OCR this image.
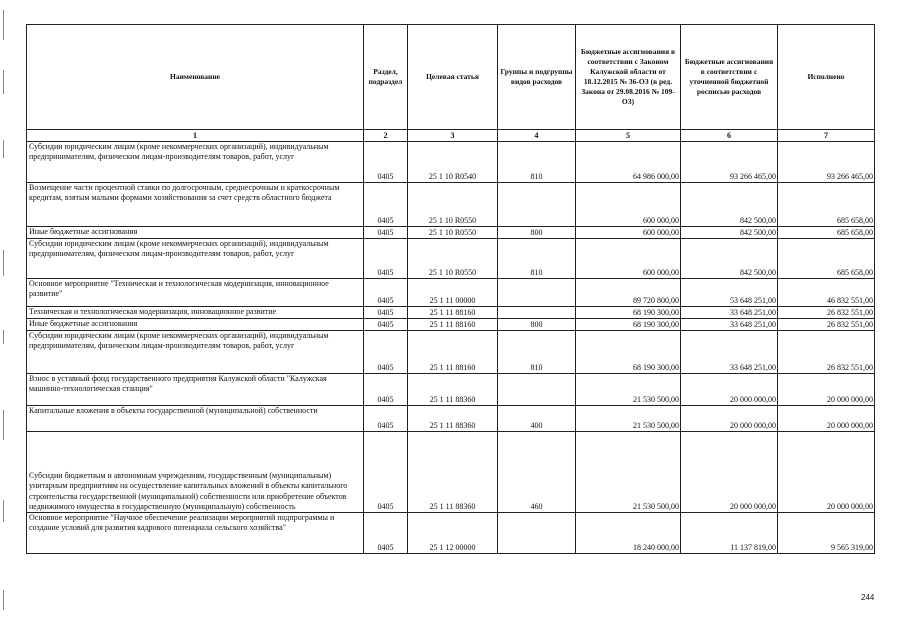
Наименование	Раздел, подраздел	Целевая статья	Группы и подгруппы видов расходов	Бюджетные ассигнования в соответствии с Законом Калужской области от 18.12.2015 № 36-ОЗ (в ред. Закона от 29.08.2016 № 109-ОЗ)	Бюджетные ассигнования в соответствии с уточненной бюджетной росписью расходов	Исполнено
1	2	3	4	5	6	7
Субсидии юридическим лицам (кроме некоммерческих организаций), индивидуальным предпринимателям, физическим лицам-производителям товаров, работ, услуг	0405	25 1 10 R0540	810	64 986 000,00	93 266 465,00	93 266 465,00
Возмещение части процентной ставки по долгосрочным, среднесрочным и краткосрочным кредитам, взятым малыми формами хозяйствования за счет средств областного бюджета	0405	25 1 10 R0550		600 000,00	842 500,00	685 658,00
Иные бюджетные ассигнования	0405	25 1 10 R0550	800	600 000,00	842 500,00	685 658,00
Субсидии юридическим лицам (кроме некоммерческих организаций), индивидуальным предпринимателям, физическим лицам-производителям товаров, работ, услуг	0405	25 1 10 R0550	810	600 000,00	842 500,00	685 658,00
Основное мероприятие "Техническая и технологическая модернизация, инновационное развитие"	0405	25 1 11 00000		89 720 800,00	53 648 251,00	46 832 551,00
Техническая и технологическая модернизация, инновационное развитие	0405	25 1 11 88160		68 190 300,00	33 648 251,00	26 832 551,00
Иные бюджетные ассигнования	0405	25 1 11 88160	800	68 190 300,00	33 648 251,00	26 832 551,00
Субсидии юридическим лицам (кроме некоммерческих организаций), индивидуальным предпринимателям, физическим лицам-производителям товаров, работ, услуг	0405	25 1 11 88160	810	68 190 300,00	33 648 251,00	26 832 551,00
Взнос в уставный фонд государственного предприятия Калужской области "Калужская машинно-технологическая станция"	0405	25 1 11 88360		21 530 500,00	20 000 000,00	20 000 000,00
Капитальные вложения в объекты государственной (муниципальной) собственности	0405	25 1 11 88360	400	21 530 500,00	20 000 000,00	20 000 000,00
Субсидии бюджетным и автономным учреждениям, государственным (муниципальным) унитарным предприятиям на осуществление капитальных вложений в объекты капитального строительства государственной (муниципальной) собственности или приобретение объектов недвижимого имущества в государственную (муниципальную) собственность	0405	25 1 11 88360	460	21 530 500,00	20 000 000,00	20 000 000,00
Основное мероприятие "Научное обеспечение реализации мероприятий подпрограммы и создание условий для развития кадрового потенциала сельского хозяйства"	0405	25 1 12 00000		18 240 000,00	11 137 819,00	9 565 319,00
244
